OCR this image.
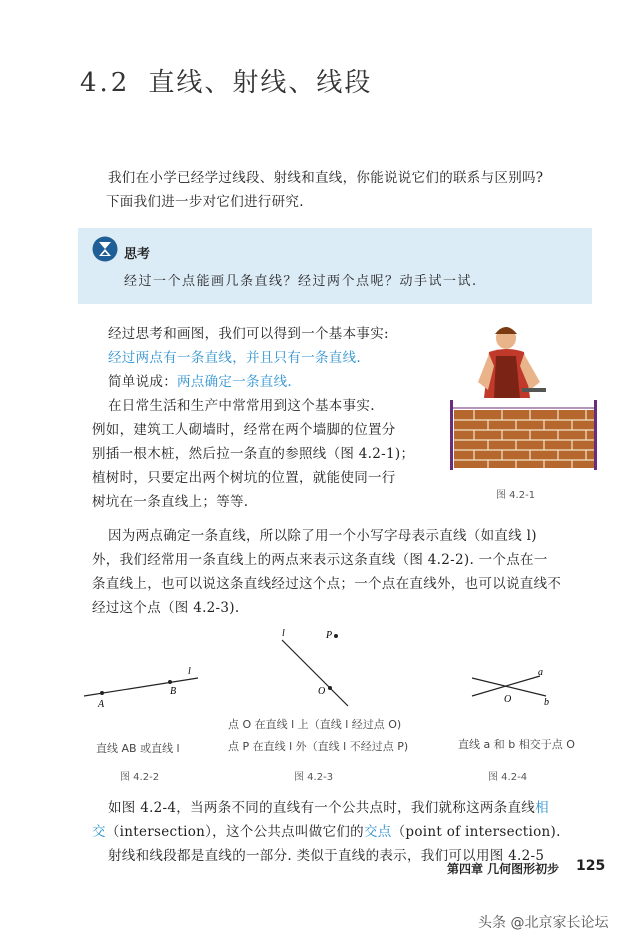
4.2 直线、射线、线段
我们在小学已经学过线段、射线和直线，你能说说它们的联系与区别吗?
下面我们进一步对它们进行研究.
思考
经过一个点能画几条直线？经过两个点呢？动手试一试.
经过思考和画图，我们可以得到一个基本事实:
经过两点有一条直线，并且只有一条直线.
简单说成：两点确定一条直线.
在日常生活和生产中常常用到这个基本事实.
例如，建筑工人砌墙时，经常在两个墙脚的位置分
别插一根木桩，然后拉一条直的参照线（图 4.2-1)；
植树时，只要定出两个树坑的位置，就能使同一行
树坑在一条直线上；等等.	图 4.2-1
因为两点确定一条直线，所以除了用一个小写字母表示直线（如直线 l)
外，我们经常用一条直线上的两点来表示这条直线（图 4.2-2). 一个点在一
条直线上，也可以说这条直线经过这个点；一个点在直线外，也可以说直线不
经过这个点（图 4.2-3).
A
B
l
直线 AB 或直线 l
图 4.2-2
l	P
O
点 O 在直线 l 上（直线 l 经过点 O)
点 P 在直线 l 外（直线 l 不经过点 P)
图 4.2-3
a
b
O
直线 a 和 b 相交于点 O
图 4.2-4
如图 4.2-4，当两条不同的直线有一个公共点时，我们就称这两条直线相
交（intersection），这个公共点叫做它们的交点（point of intersection).
射线和线段都是直线的一部分. 类似于直线的表示，我们可以用图 4.2-5
第四章 几何图形初步 125
头条 @北京家长论坛
